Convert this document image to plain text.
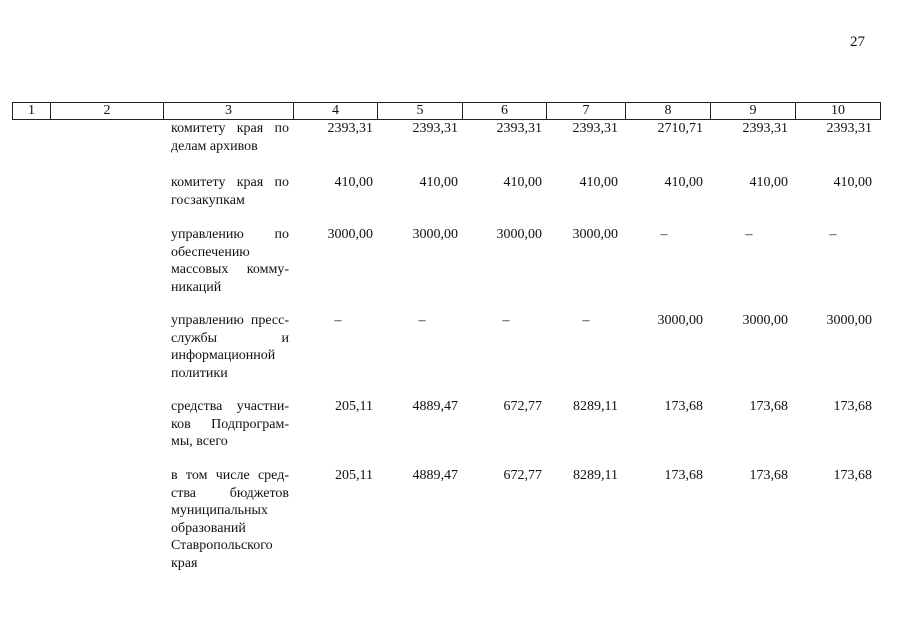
27
1	2	3	4	5	6	7	8	9	10
комитету края по делам архивов
2393,31	2393,31	2393,31	2393,31	2710,71	2393,31	2393,31
комитету края по госзакупкам
410,00	410,00	410,00	410,00	410,00	410,00	410,00
управлению по обеспечению массовых комму-никаций
3000,00	3000,00	3000,00	3000,00	–	–	–
управлению пресс-службы и информационной политики
–	–	–	–	3000,00	3000,00	3000,00
средства участни-ков Подпрограм-мы, всего
205,11	4889,47	672,77	8289,11	173,68	173,68	173,68
в том числе сред-ства бюджетов муниципальных образований Ставропольского края
205,11	4889,47	672,77	8289,11	173,68	173,68	173,68
